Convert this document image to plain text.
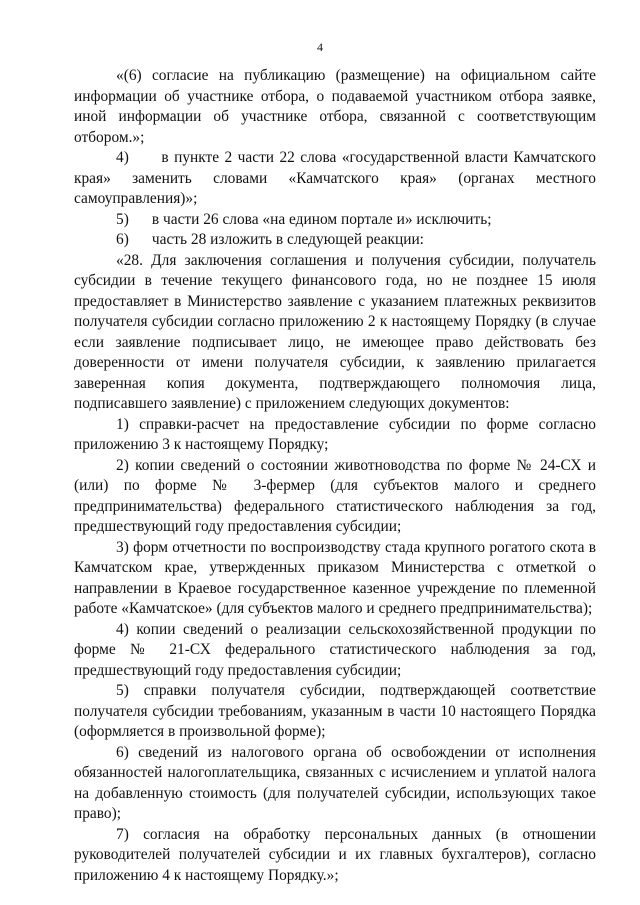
4

«(6) согласие на публикацию (размещение) на официальном сайте информации об участнике отбора, о подаваемой участником отбора заявке, иной информации об участнике отбора, связанной с соответствующим отбором.»;

4)      в пункте 2 части 22 слова «государственной власти Камчатского края» заменить словами «Камчатского края» (органах местного самоуправления)»;

5)      в части 26 слова «на едином портале и» исключить;

6)      часть 28 изложить в следующей реакции:

«28. Для заключения соглашения и получения субсидии, получатель субсидии в течение текущего финансового года, но не позднее 15 июля предоставляет в Министерство заявление с указанием платежных реквизитов получателя субсидии согласно приложению 2 к настоящему Порядку (в случае если заявление подписывает лицо, не имеющее право действовать без доверенности от имени получателя субсидии, к заявлению прилагается заверенная копия документа, подтверждающего полномочия лица, подписавшего заявление) с приложением следующих документов:

1) справки-расчет на предоставление субсидии по форме согласно приложению 3 к настоящему Порядку;

2) копии сведений о состоянии животноводства по форме № 24-СХ и (или) по форме № 3-фермер (для субъектов малого и среднего предпринимательства) федерального статистического наблюдения за год, предшествующий году предоставления субсидии;

3) форм отчетности по воспроизводству стада крупного рогатого скота в Камчатском крае, утвержденных приказом Министерства с отметкой о направлении в Краевое государственное казенное учреждение по племенной работе «Камчатское» (для субъектов малого и среднего предпринимательства);

4) копии сведений о реализации сельскохозяйственной продукции по форме № 21-СХ федерального статистического наблюдения за год, предшествующий году предоставления субсидии;

5) справки получателя субсидии, подтверждающей соответствие получателя субсидии требованиям, указанным в части 10 настоящего Порядка (оформляется в произвольной форме);

6) сведений из налогового органа об освобождении от исполнения обязанностей налогоплательщика, связанных с исчислением и уплатой налога на добавленную стоимость (для получателей субсидии, использующих такое право);

7) согласия на обработку персональных данных (в отношении руководителей получателей субсидии и их главных бухгалтеров), согласно приложению 4 к настоящему Порядку.»;
